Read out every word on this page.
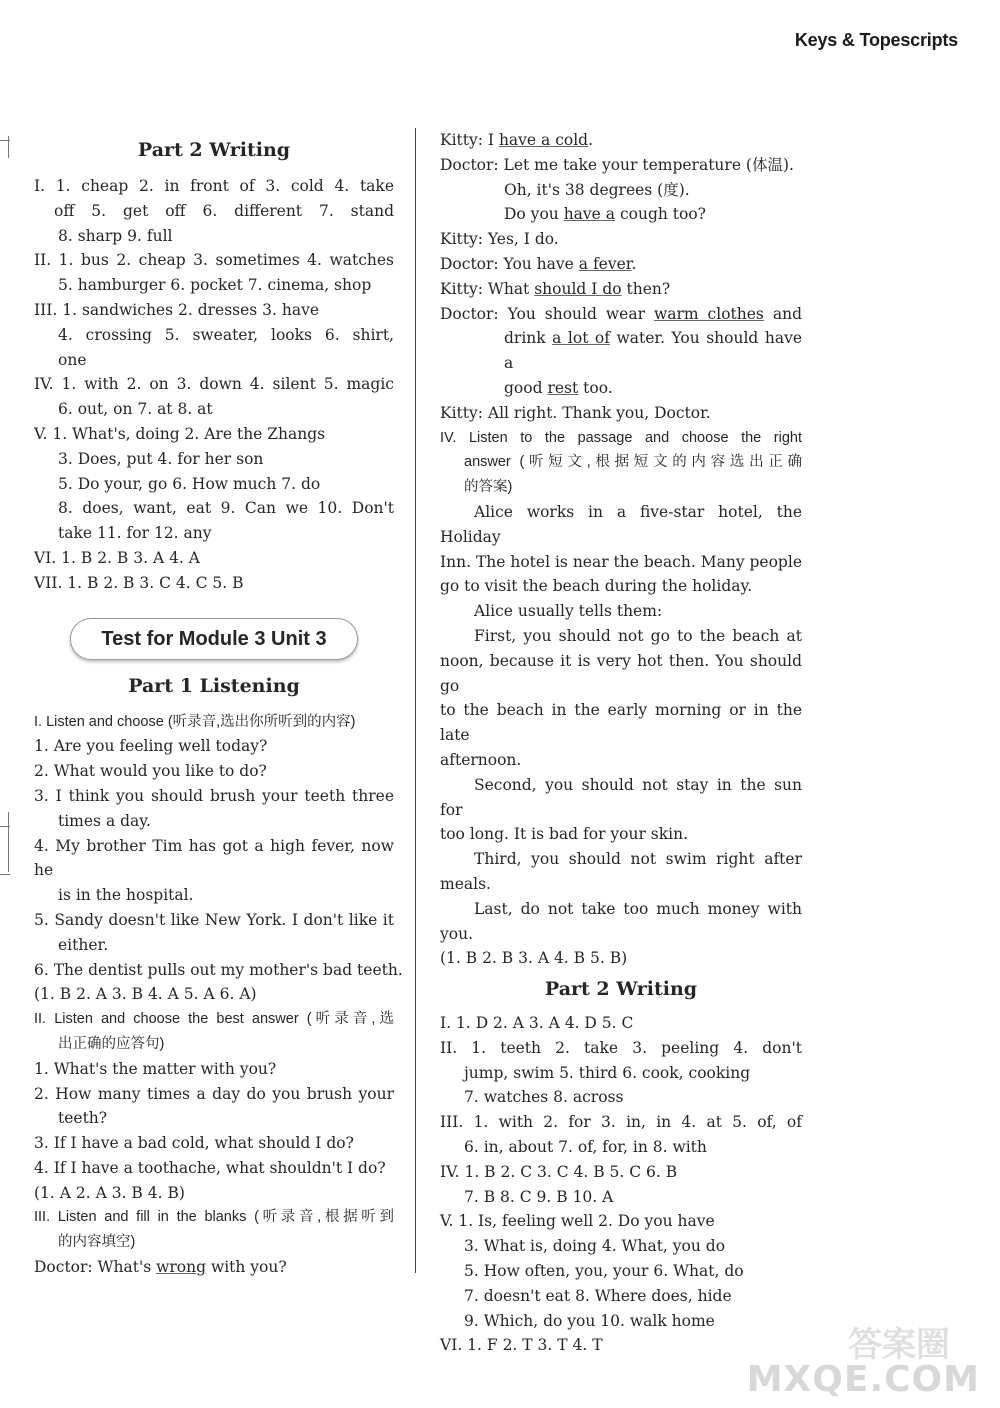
Keys & Topescripts
Part 2 Writing
I. 1. cheap 2. in front of 3. cold 4. take
off 5. get off 6. different 7. stand
8. sharp 9. full
II. 1. bus 2. cheap 3. sometimes 4. watches
5. hamburger 6. pocket 7. cinema, shop
III. 1. sandwiches 2. dresses 3. have
4. crossing 5. sweater, looks 6. shirt,
one
IV. 1. with 2. on 3. down 4. silent 5. magic
6. out, on 7. at 8. at
V. 1. What's, doing 2. Are the Zhangs
3. Does, put 4. for her son
5. Do your, go 6. How much 7. do
8. does, want, eat 9. Can we 10. Don't
take 11. for 12. any
VI. 1. B 2. B 3. A 4. A
VII. 1. B 2. B 3. C 4. C 5. B
Test for Module 3 Unit 3
Part 1 Listening
I. Listen and choose (听录音,选出你所听到的内容)
1. Are you feeling well today?
2. What would you like to do?
3. I think you should brush your teeth three
times a day.
4. My brother Tim has got a high fever, now he
is in the hospital.
5. Sandy doesn't like New York. I don't like it
either.
6. The dentist pulls out my mother's bad teeth.
(1. B 2. A 3. B 4. A 5. A 6. A)
II. Listen and choose the best answer (听录音,选
出正确的应答句)
1. What's the matter with you?
2. How many times a day do you brush your
teeth?
3. If I have a bad cold, what should I do?
4. If I have a toothache, what shouldn't I do?
(1. A 2. A 3. B 4. B)
III. Listen and fill in the blanks (听录音,根据听到
的内容填空)
Doctor: What's wrong with you?
Kitty: I have a cold.
Doctor: Let me take your temperature (体温).
Oh, it's 38 degrees (度).
Do you have a cough too?
Kitty: Yes, I do.
Doctor: You have a fever.
Kitty: What should I do then?
Doctor: You should wear warm clothes and
drink a lot of water. You should have a
good rest too.
Kitty: All right. Thank you, Doctor.
IV. Listen to the passage and choose the right
answer (听短文,根据短文的内容选出正确
的答案)
Alice works in a five-star hotel, the Holiday
Inn. The hotel is near the beach. Many people
go to visit the beach during the holiday.
Alice usually tells them:
First, you should not go to the beach at
noon, because it is very hot then. You should go
to the beach in the early morning or in the late
afternoon.
Second, you should not stay in the sun for
too long. It is bad for your skin.
Third, you should not swim right after
meals.
Last, do not take too much money with
you.
(1. B 2. B 3. A 4. B 5. B)
Part 2 Writing
I. 1. D 2. A 3. A 4. D 5. C
II. 1. teeth 2. take 3. peeling 4. don't
jump, swim 5. third 6. cook, cooking
7. watches 8. across
III. 1. with 2. for 3. in, in 4. at 5. of, of
6. in, about 7. of, for, in 8. with
IV. 1. B 2. C 3. C 4. B 5. C 6. B
7. B 8. C 9. B 10. A
V. 1. Is, feeling well 2. Do you have
3. What is, doing 4. What, you do
5. How often, you, your 6. What, do
7. doesn't eat 8. Where does, hide
9. Which, do you 10. walk home
VI. 1. F 2. T 3. T 4. T	答案圈
MXQE.COM
